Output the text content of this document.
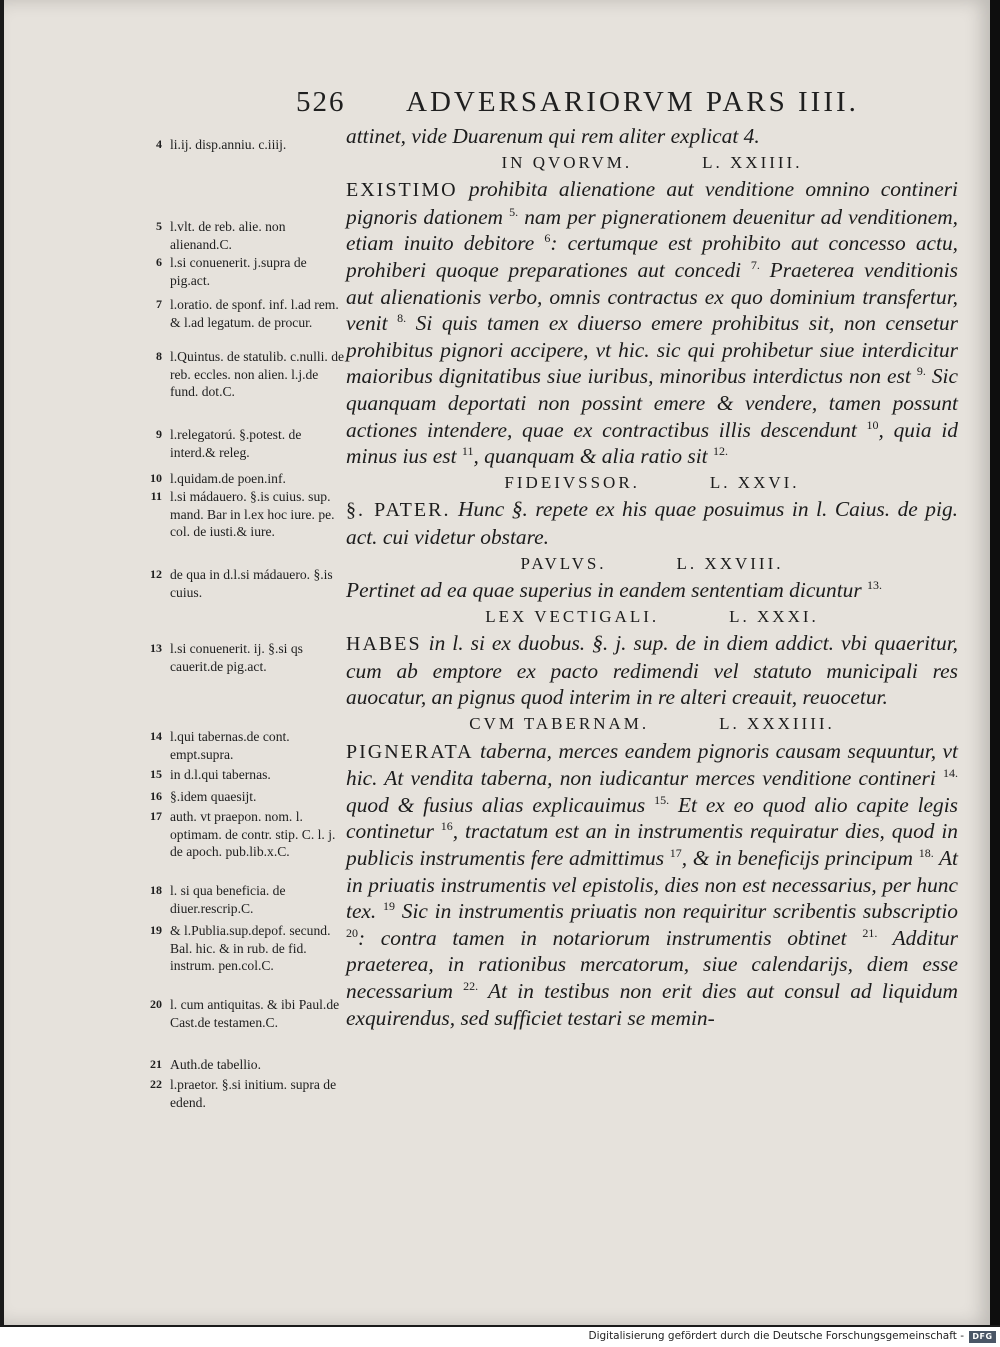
526 ADVERSARIORVM PARS IIII.

attinet, vide Duarenum qui rem aliter explicat 4.

IN QVORVM.	L. XXIIII.

EXISTIMO prohibita alienatione aut venditione omnino contineri pignoris dationem $^{5.}$ nam per pignerationem deuenitur ad venditionem, etiam inuito debitore $^6$: certumque est prohibito aut concesso actu, prohiberi quoque preparationes aut concedi $^{7.}$ Praeterea venditionis aut alienationis verbo, omnis contractus ex quo dominium transfertur, venit $^{8.}$ Si quis tamen ex diuerso emere prohibitus sit, non censetur prohibitus pignori accipere, vt hic. sic qui prohibetur siue interdicitur maioribus dignitatibus siue iuribus, minoribus interdictus non est $^{9.}$ Sic quanquam deportati non possint emere & vendere, tamen possunt actiones intendere, quae ex contractibus illis descendunt $^{10}$, quia id minus ius est $^{11}$, quanquam & alia ratio sit $^{12.}$

FIDEIVSSOR.	L. XXVI.

§. PATER. Hunc §. repete ex his quae posuimus in l. Caius. de pig. act. cui videtur obstare.

PAVLVS.	L. XXVIII.

Pertinet ad ea quae superius in eandem sententiam dicuntur $^{13.}$

LEX VECTIGALI.	L. XXXI.

HABES in l. si ex duobus. §. j. sup. de in diem addict. vbi quaeritur, cum ab emptore ex pacto redimendi vel statuto municipali res auocatur, an pignus quod interim in re alteri creauit, reuocetur.

CVM TABERNAM.	L. XXXIIII.

PIGNERATA taberna, merces eandem pignoris causam sequuntur, vt hic. At vendita taberna, non iudicantur merces venditione contineri $^{14.}$ quod & fusius alias explicauimus $^{15.}$ Et ex eo quod alio capite legis continetur $^{16}$, tractatum est an in instrumentis requiratur dies, quod in publicis instrumentis fere admittimus $^{17}$, & in beneficijs principum $^{18.}$ At in priuatis instrumentis vel epistolis, dies non est necessarius, per hunc tex. $^{19}$ Sic in instrumentis priuatis non requiritur scribentis subscriptio $^{20}$: contra tamen in notariorum instrumentis obtinet $^{21.}$ Additur praeterea, in rationibus mercatorum, siue calendarijs, diem esse necessarium $^{22.}$ At in testibus non erit dies aut consul ad liquidum exquirendus, sed sufficiet testari se memin-

4 li.ij. disp.anniu. c.iiij.
5 l.vlt. de reb. alie. non alienand.C.
6 l.si conuenerit. j.supra de pig.act.
7 l.oratio. de sponf. inf. l.ad rem. & l.ad legatum. de procur.
8 l.Quintus. de statulib. c.nulli. de reb. eccles. non alien. l.j.de fund. dot.C.
9 l.relegatorú. §.potest. de interd.& releg.
10 l.quidam.de poen.inf.
11 l.si mádauero. §.is cuius. sup. mand. Bar in l.ex hoc iure. pe. col. de iusti.& iure.
12 de qua in d.l.si mádauero. §.is cuius.
13 l.si conuenerit. ij. §.si qs cauerit.de pig.act.
14 l.qui tabernas.de cont. empt.supra.
15 in d.l.qui tabernas.
16 §.idem quaesijt.
17 auth. vt praepon. nom. l. optimam. de contr. stip. C. l. j. de apoch. pub.lib.x.C.
18 l. si qua beneficia. de diuer.rescrip.C.
19 & l.Publia.sup.depof. secund. Bal. hic. & in rub. de fid. instrum. pen.col.C.
20 l. cum antiquitas. & ibi Paul.de Cast.de testamen.C.
21 Auth.de tabellio.
22 l.praetor. §.si initium. supra de edend.
Digitalisierung gefördert durch die Deutsche Forschungsgemeinschaft -	DFG
